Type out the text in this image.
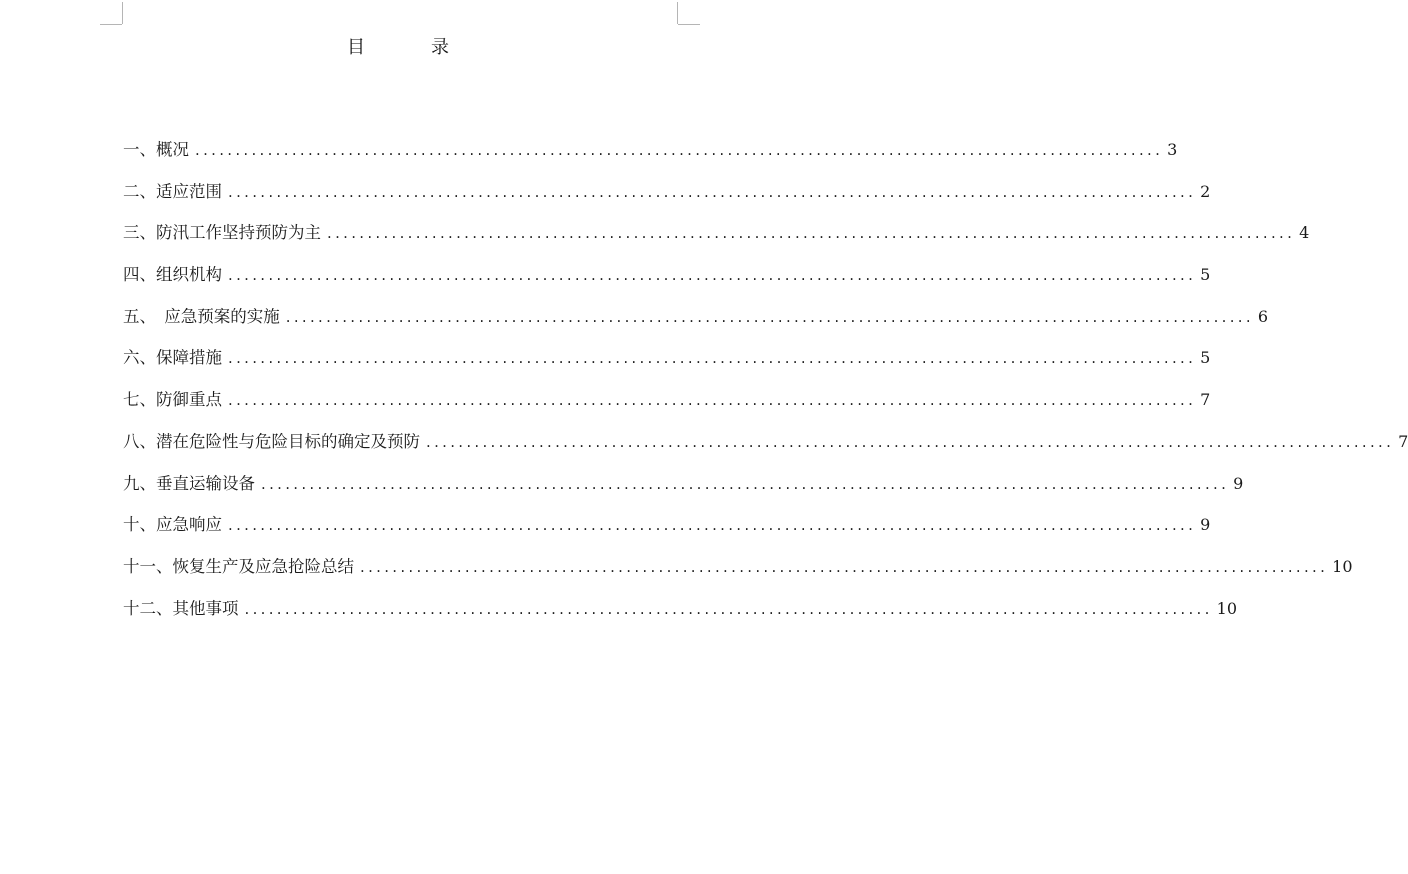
目　录
一、概况 ........................................................................................................................ 3
二、适应范围 ........................................................................................................................ 2
三、防汛工作坚持预防为主 ........................................................................................................................ 4
四、组织机构 ........................................................................................................................ 5
五、　应急预案的实施 ........................................................................................................................ 6
六、保障措施 ........................................................................................................................ 5
七、防御重点 ........................................................................................................................ 7
八、潜在危险性与危险目标的确定及预防 ........................................................................................................................ 7
九、垂直运输设备 ........................................................................................................................ 9
十、应急响应 ........................................................................................................................ 9
十一、恢复生产及应急抢险总结 ........................................................................................................................ 10
十二、其他事项 ........................................................................................................................ 10
